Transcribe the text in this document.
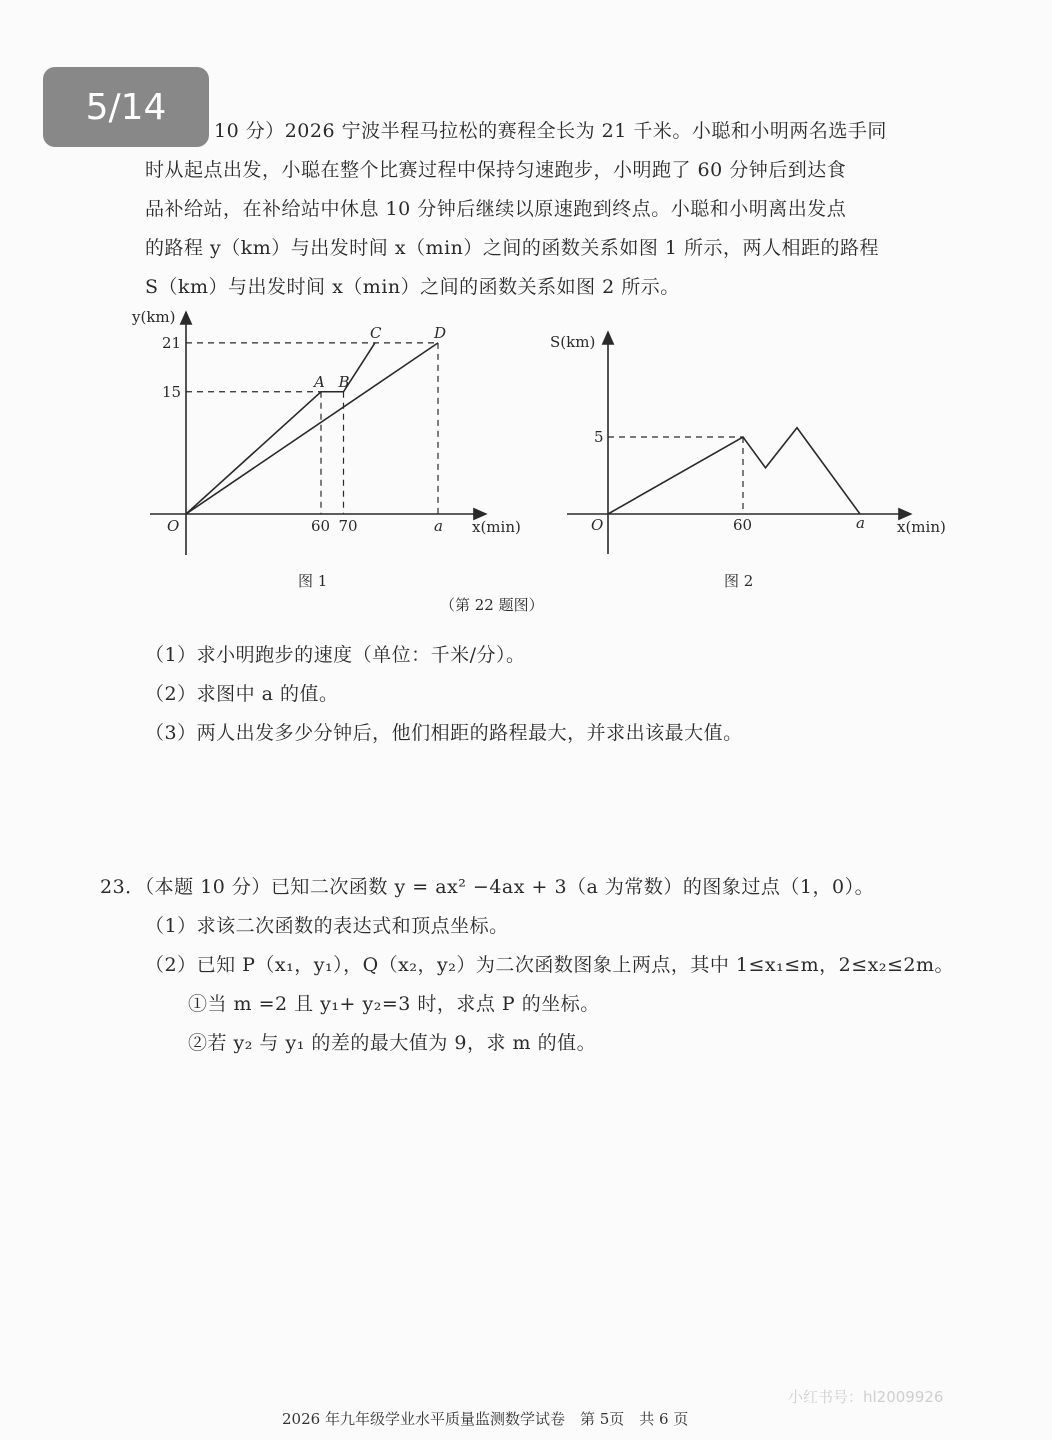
5/14
10 分）2026 宁波半程马拉松的赛程全长为 21 千米。小聪和小明两名选手同
时从起点出发，小聪在整个比赛过程中保持匀速跑步，小明跑了 60 分钟后到达食
品补给站，在补给站中休息 10 分钟后继续以原速跑到终点。小聪和小明离出发点
的路程 y（km）与出发时间 x（min）之间的函数关系如图 1 所示，两人相距的路程
S（km）与出发时间 x（min）之间的函数关系如图 2 所示。
60 70	a
15
21
A B
C	D
y(km)
x(min)
O
图 1
60	a
5
S(km)
x(min)
O
图 2
（第 22 题图）
（1）求小明跑步的速度（单位：千米/分）。
（2）求图中 a 的值。
（3）两人出发多少分钟后，他们相距的路程最大，并求出该最大值。
23．（本题 10 分）已知二次函数 y = ax² −4ax + 3（a 为常数）的图象过点（1，0）。
（1）求该二次函数的表达式和顶点坐标。
（2）已知 P（x₁，y₁），Q（x₂，y₂）为二次函数图象上两点，其中 1≤x₁≤m，2≤x₂≤2m。
①当 m =2 且 y₁+ y₂=3 时，求点 P 的坐标。
②若 y₂ 与 y₁ 的差的最大值为 9，求 m 的值。
2026 年九年级学业水平质量监测数学试卷　第 5页　共 6 页
小红书号：hl2009926
